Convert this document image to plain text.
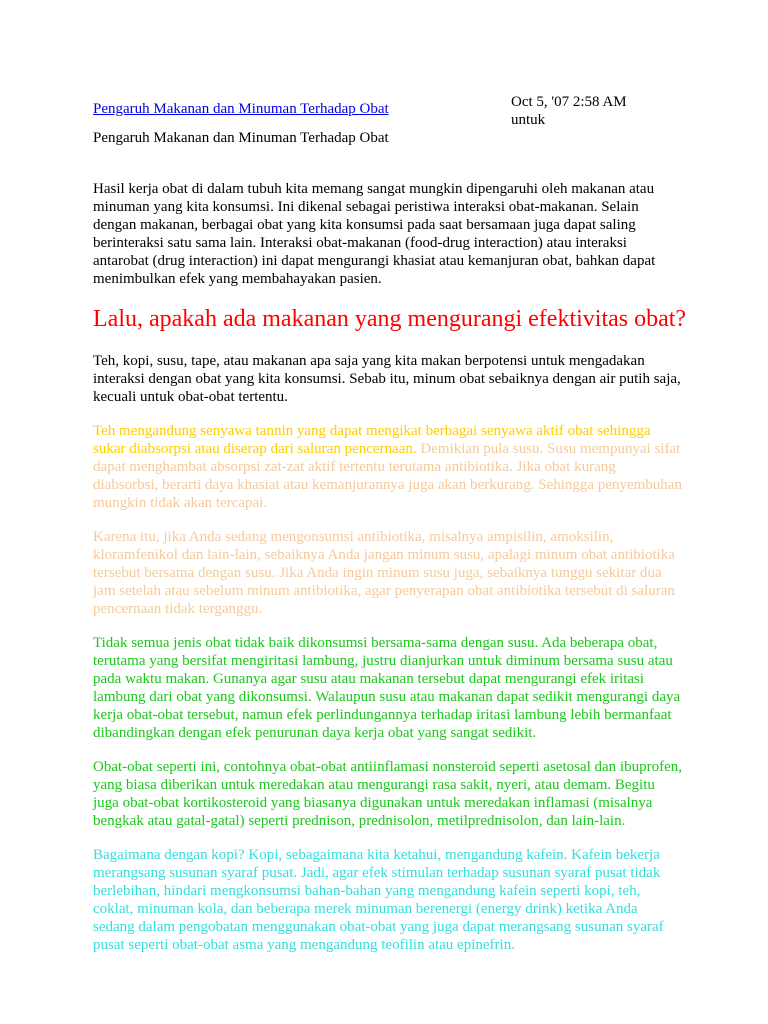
Pengaruh Makanan dan Minuman Terhadap Obat	Oct 5, '07 2:58 AM
untuk
Pengaruh Makanan dan Minuman Terhadap Obat

Hasil kerja obat di dalam tubuh kita memang sangat mungkin dipengaruhi oleh makanan atau minuman yang kita konsumsi. Ini dikenal sebagai peristiwa interaksi obat-makanan. Selain dengan makanan, berbagai obat yang kita konsumsi pada saat bersamaan juga dapat saling berinteraksi satu sama lain. Interaksi obat-makanan (food-drug interaction) atau interaksi antarobat (drug interaction) ini dapat mengurangi khasiat atau kemanjuran obat, bahkan dapat menimbulkan efek yang membahayakan pasien.

Lalu, apakah ada makanan yang mengurangi efektivitas obat?

Teh, kopi, susu, tape, atau makanan apa saja yang kita makan berpotensi untuk mengadakan interaksi dengan obat yang kita konsumsi. Sebab itu, minum obat sebaiknya dengan air putih saja, kecuali untuk obat-obat tertentu.

Teh mengandung senyawa tannin yang dapat mengikat berbagai senyawa aktif obat sehingga sukar diabsorpsi atau diserap dari saluran pencernaan. Demikian pula susu. Susu mempunyai sifat dapat menghambat absorpsi zat-zat aktif tertentu terutama antibiotika. Jika obat kurang diabsorbsi, berarti daya khasiat atau kemanjurannya juga akan berkurang. Sehingga penyembuhan mungkin tidak akan tercapai.

Karena itu, jika Anda sedang mengonsumsi antibiotika, misalnya ampisilin, amoksilin, kloramfenikol dan lain-lain, sebaiknya Anda jangan minum susu, apalagi minum obat antibiotika tersebut bersama dengan susu. Jika Anda ingin minum susu juga, sebaiknya tunggu sekitar dua jam setelah atau sebelum minum antibiotika, agar penyerapan obat antibiotika tersebut di saluran pencernaan tidak terganggu.

Tidak semua jenis obat tidak baik dikonsumsi bersama-sama dengan susu. Ada beberapa obat, terutama yang bersifat mengiritasi lambung, justru dianjurkan untuk diminum bersama susu atau pada waktu makan. Gunanya agar susu atau makanan tersebut dapat mengurangi efek iritasi lambung dari obat yang dikonsumsi. Walaupun susu atau makanan dapat sedikit mengurangi daya kerja obat-obat tersebut, namun efek perlindungannya terhadap iritasi lambung lebih bermanfaat dibandingkan dengan efek penurunan daya kerja obat yang sangat sedikit.

Obat-obat seperti ini, contohnya obat-obat antiinflamasi nonsteroid seperti asetosal dan ibuprofen, yang biasa diberikan untuk meredakan atau mengurangi rasa sakit, nyeri, atau demam. Begitu juga obat-obat kortikosteroid yang biasanya digunakan untuk meredakan inflamasi (misalnya bengkak atau gatal-gatal) seperti prednison, prednisolon, metilprednisolon, dan lain-lain.

Bagaimana dengan kopi? Kopi, sebagaimana kita ketahui, mengandung kafein. Kafein bekerja merangsang susunan syaraf pusat. Jadi, agar efek stimulan terhadap susunan syaraf pusat tidak berlebihan, hindari mengkonsumsi bahan-bahan yang mengandung kafein seperti kopi, teh, coklat, minuman kola, dan beberapa merek minuman berenergi (energy drink) ketika Anda sedang dalam pengobatan menggunakan obat-obat yang juga dapat merangsang susunan syaraf pusat seperti obat-obat asma yang mengandung teofilin atau epinefrin.
